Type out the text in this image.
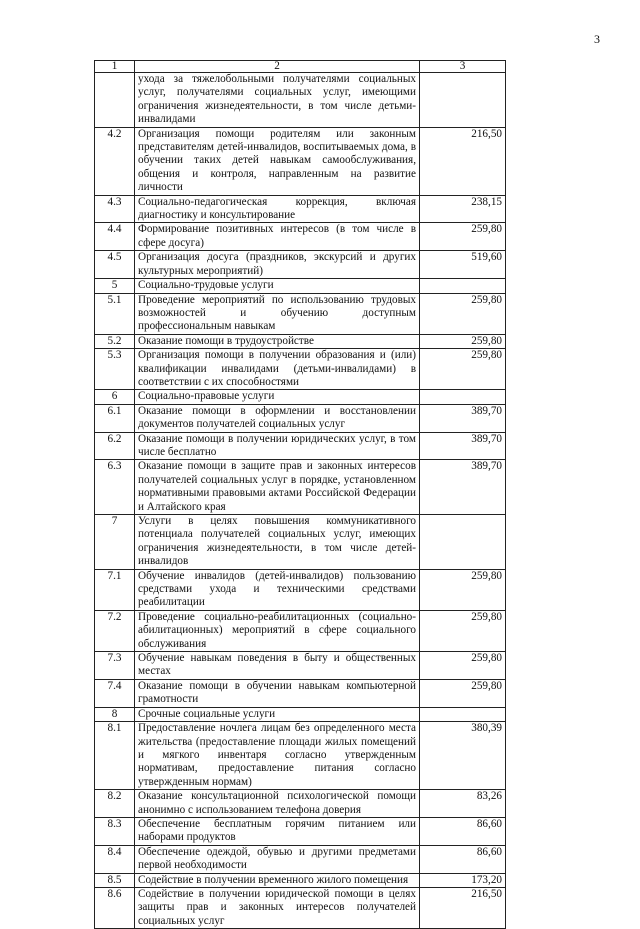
3
1	2	3
	ухода за тяжелобольными получателями социальных услуг, получателями социальных услуг, имеющими ограничения жизнедеятельности, в том числе детьми-инвалидами	
4.2	Организация помощи родителям или законным представителям детей-инвалидов, воспитываемых дома, в обучении таких детей навыкам самообслуживания, общения и контроля, направленным на развитие личности	216,50
4.3	Социально-педагогическая коррекция, включая диагностику и консультирование	238,15
4.4	Формирование позитивных интересов (в том числе в сфере досуга)	259,80
4.5	Организация досуга (праздников, экскурсий и других культурных мероприятий)	519,60
5	Социально-трудовые услуги	
5.1	Проведение мероприятий по использованию трудовых возможностей и обучению доступным профессиональным навыкам	259,80
5.2	Оказание помощи в трудоустройстве	259,80
5.3	Организация помощи в получении образования и (или) квалификации инвалидами (детьми-инвалидами) в соответствии с их способностями	259,80
6	Социально-правовые услуги	
6.1	Оказание помощи в оформлении и восстановлении документов получателей социальных услуг	389,70
6.2	Оказание помощи в получении юридических услуг, в том числе бесплатно	389,70
6.3	Оказание помощи в защите прав и законных интересов получателей социальных услуг в порядке, установленном нормативными правовыми актами Российской Федерации и Алтайского края	389,70
7	Услуги в целях повышения коммуникативного потенциала получателей социальных услуг, имеющих ограничения жизнедеятельности, в том числе детей-инвалидов	
7.1	Обучение инвалидов (детей-инвалидов) пользованию средствами ухода и техническими средствами реабилитации	259,80
7.2	Проведение социально-реабилитационных (социально-абилитационных) мероприятий в сфере социального обслуживания	259,80
7.3	Обучение навыкам поведения в быту и общественных местах	259,80
7.4	Оказание помощи в обучении навыкам компьютерной грамотности	259,80
8	Срочные социальные услуги	
8.1	Предоставление ночлега лицам без определенного места жительства (предоставление площади жилых помещений и мягкого инвентаря согласно утвержденным нормативам, предоставление питания согласно утвержденным нормам)	380,39
8.2	Оказание консультационной психологической помощи анонимно с использованием телефона доверия	83,26
8.3	Обеспечение бесплатным горячим питанием или наборами продуктов	86,60
8.4	Обеспечение одеждой, обувью и другими предметами первой необходимости	86,60
8.5	Содействие в получении временного жилого помещения	173,20
8.6	Содействие в получении юридической помощи в целях защиты прав и законных интересов получателей социальных услуг	216,50
